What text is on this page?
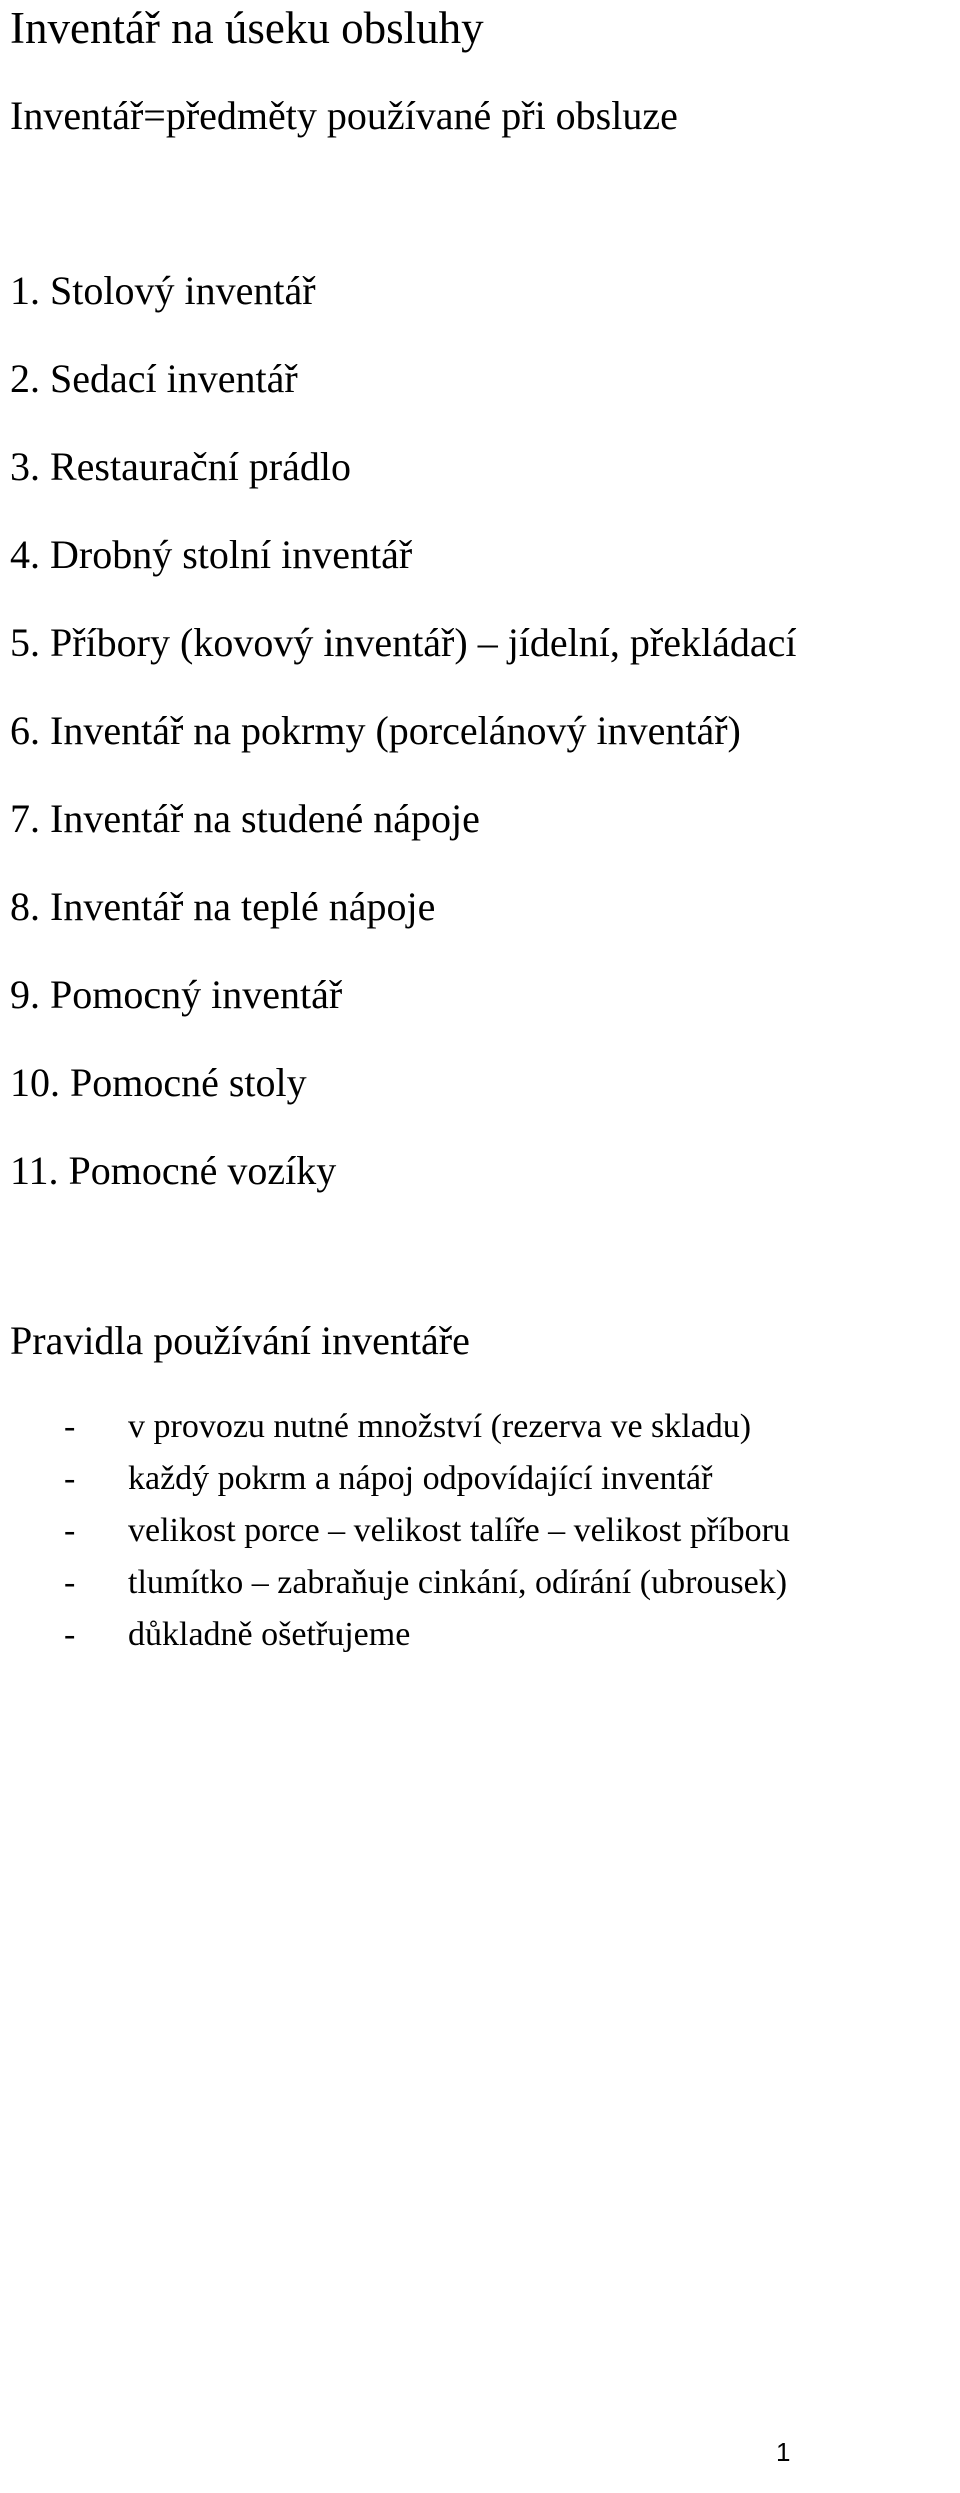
Inventář na úseku obsluhy
Inventář=předměty používané při obsluze
1. Stolový inventář
2. Sedací inventář
3. Restaurační prádlo
4. Drobný stolní inventář
5. Příbory (kovový inventář) – jídelní, překládací
6. Inventář na pokrmy (porcelánový inventář)
7. Inventář na studené nápoje
8. Inventář na teplé nápoje
9. Pomocný inventář
10. Pomocné stoly
11. Pomocné vozíky
Pravidla používání inventáře
- v provozu nutné množství (rezerva ve skladu)
- každý pokrm a nápoj odpovídající inventář
- velikost porce – velikost talíře – velikost příboru
- tlumítko – zabraňuje cinkání, odírání (ubrousek)
- důkladně ošetřujeme
1
